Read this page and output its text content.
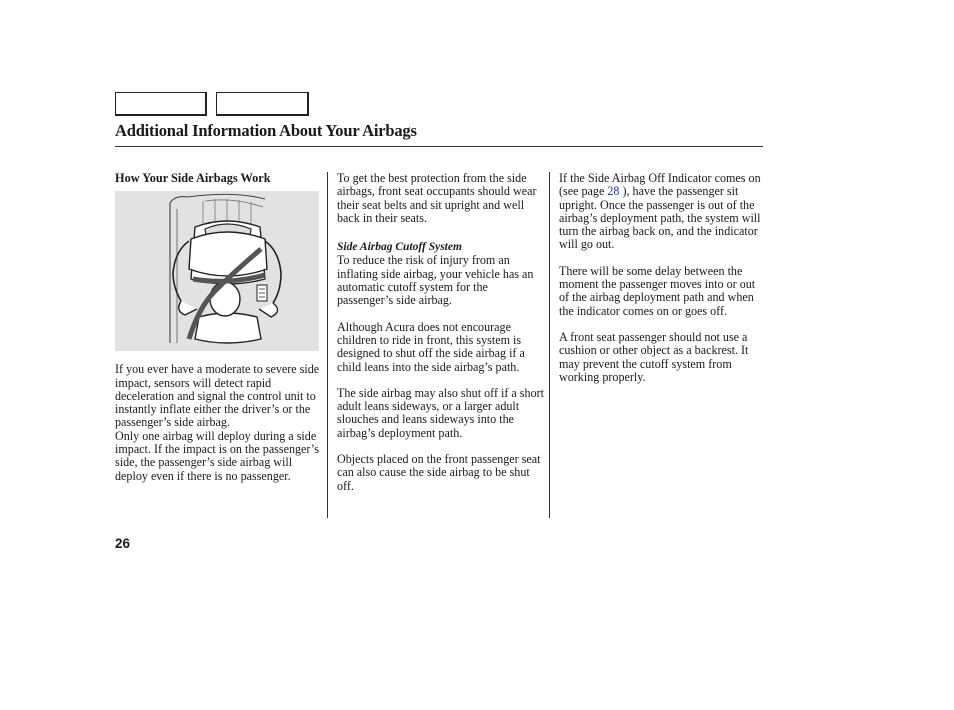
Additional Information About Your Airbags

How Your Side Airbags Work

If you ever have a moderate to severe side impact, sensors will detect rapid deceleration and signal the control unit to instantly inflate either the driver’s or the passenger’s side airbag.

Only one airbag will deploy during a side impact. If the impact is on the passenger’s side, the passenger’s side airbag will deploy even if there is no passenger.

To get the best protection from the side airbags, front seat occupants should wear their seat belts and sit upright and well back in their seats.

Side Airbag Cutoff System

To reduce the risk of injury from an inflating side airbag, your vehicle has an automatic cutoff system for the passenger’s side airbag.

Although Acura does not encourage children to ride in front, this system is designed to shut off the side airbag if a child leans into the side airbag’s path.

The side airbag may also shut off if a short adult leans sideways, or a larger adult slouches and leans sideways into the airbag’s deployment path.

Objects placed on the front passenger seat can also cause the side airbag to be shut off.

If the Side Airbag Off Indicator comes on (see page 28 ), have the passenger sit upright. Once the passenger is out of the airbag’s deployment path, the system will turn the airbag back on, and the indicator will go out.

There will be some delay between the moment the passenger moves into or out of the airbag deployment path and when the indicator comes on or goes off.

A front seat passenger should not use a cushion or other object as a backrest. It may prevent the cutoff system from working properly.

26
